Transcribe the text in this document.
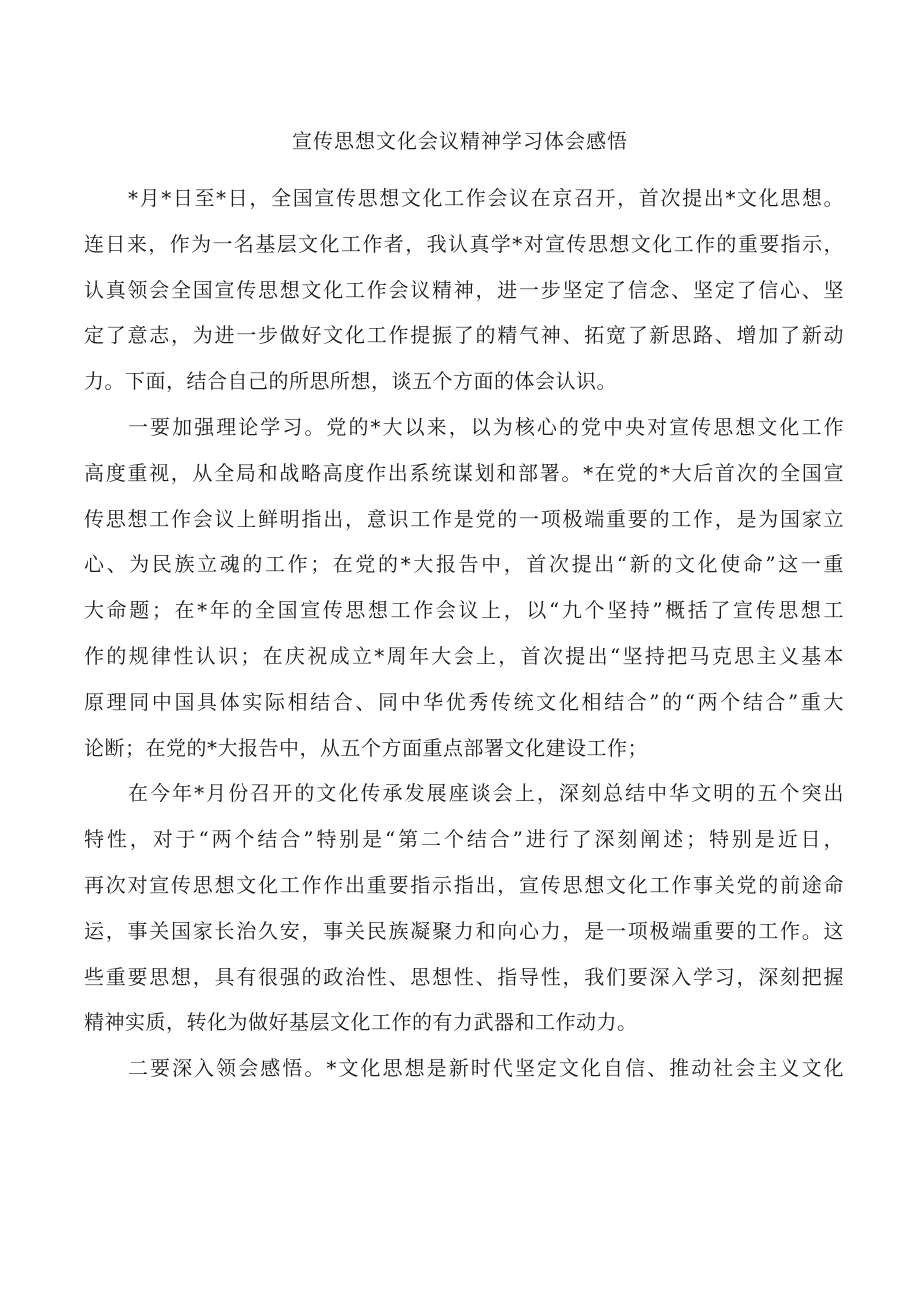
宣传思想文化会议精神学习体会感悟
*月*日至*日，全国宣传思想文化工作会议在京召开，首次提出*文化思想。
连日来，作为一名基层文化工作者，我认真学*对宣传思想文化工作的重要指示，
认真领会全国宣传思想文化工作会议精神，进一步坚定了信念、坚定了信心、坚
定了意志，为进一步做好文化工作提振了的精气神、拓宽了新思路、增加了新动
力。下面，结合自己的所思所想，谈五个方面的体会认识。
一要加强理论学习。党的*大以来，以为核心的党中央对宣传思想文化工作
高度重视，从全局和战略高度作出系统谋划和部署。*在党的*大后首次的全国宣
传思想工作会议上鲜明指出，意识工作是党的一项极端重要的工作，是为国家立
心、为民族立魂的工作；在党的*大报告中，首次提出“新的文化使命”这一重
大命题；在*年的全国宣传思想工作会议上，以“九个坚持”概括了宣传思想工
作的规律性认识；在庆祝成立*周年大会上，首次提出“坚持把马克思主义基本
原理同中国具体实际相结合、同中华优秀传统文化相结合”的“两个结合”重大
论断；在党的*大报告中，从五个方面重点部署文化建设工作；
在今年*月份召开的文化传承发展座谈会上，深刻总结中华文明的五个突出
特性，对于“两个结合”特别是“第二个结合”进行了深刻阐述；特别是近日，
再次对宣传思想文化工作作出重要指示指出，宣传思想文化工作事关党的前途命
运，事关国家长治久安，事关民族凝聚力和向心力，是一项极端重要的工作。这
些重要思想，具有很强的政治性、思想性、指导性，我们要深入学习，深刻把握
精神实质，转化为做好基层文化工作的有力武器和工作动力。
二要深入领会感悟。*文化思想是新时代坚定文化自信、推动社会主义文化
